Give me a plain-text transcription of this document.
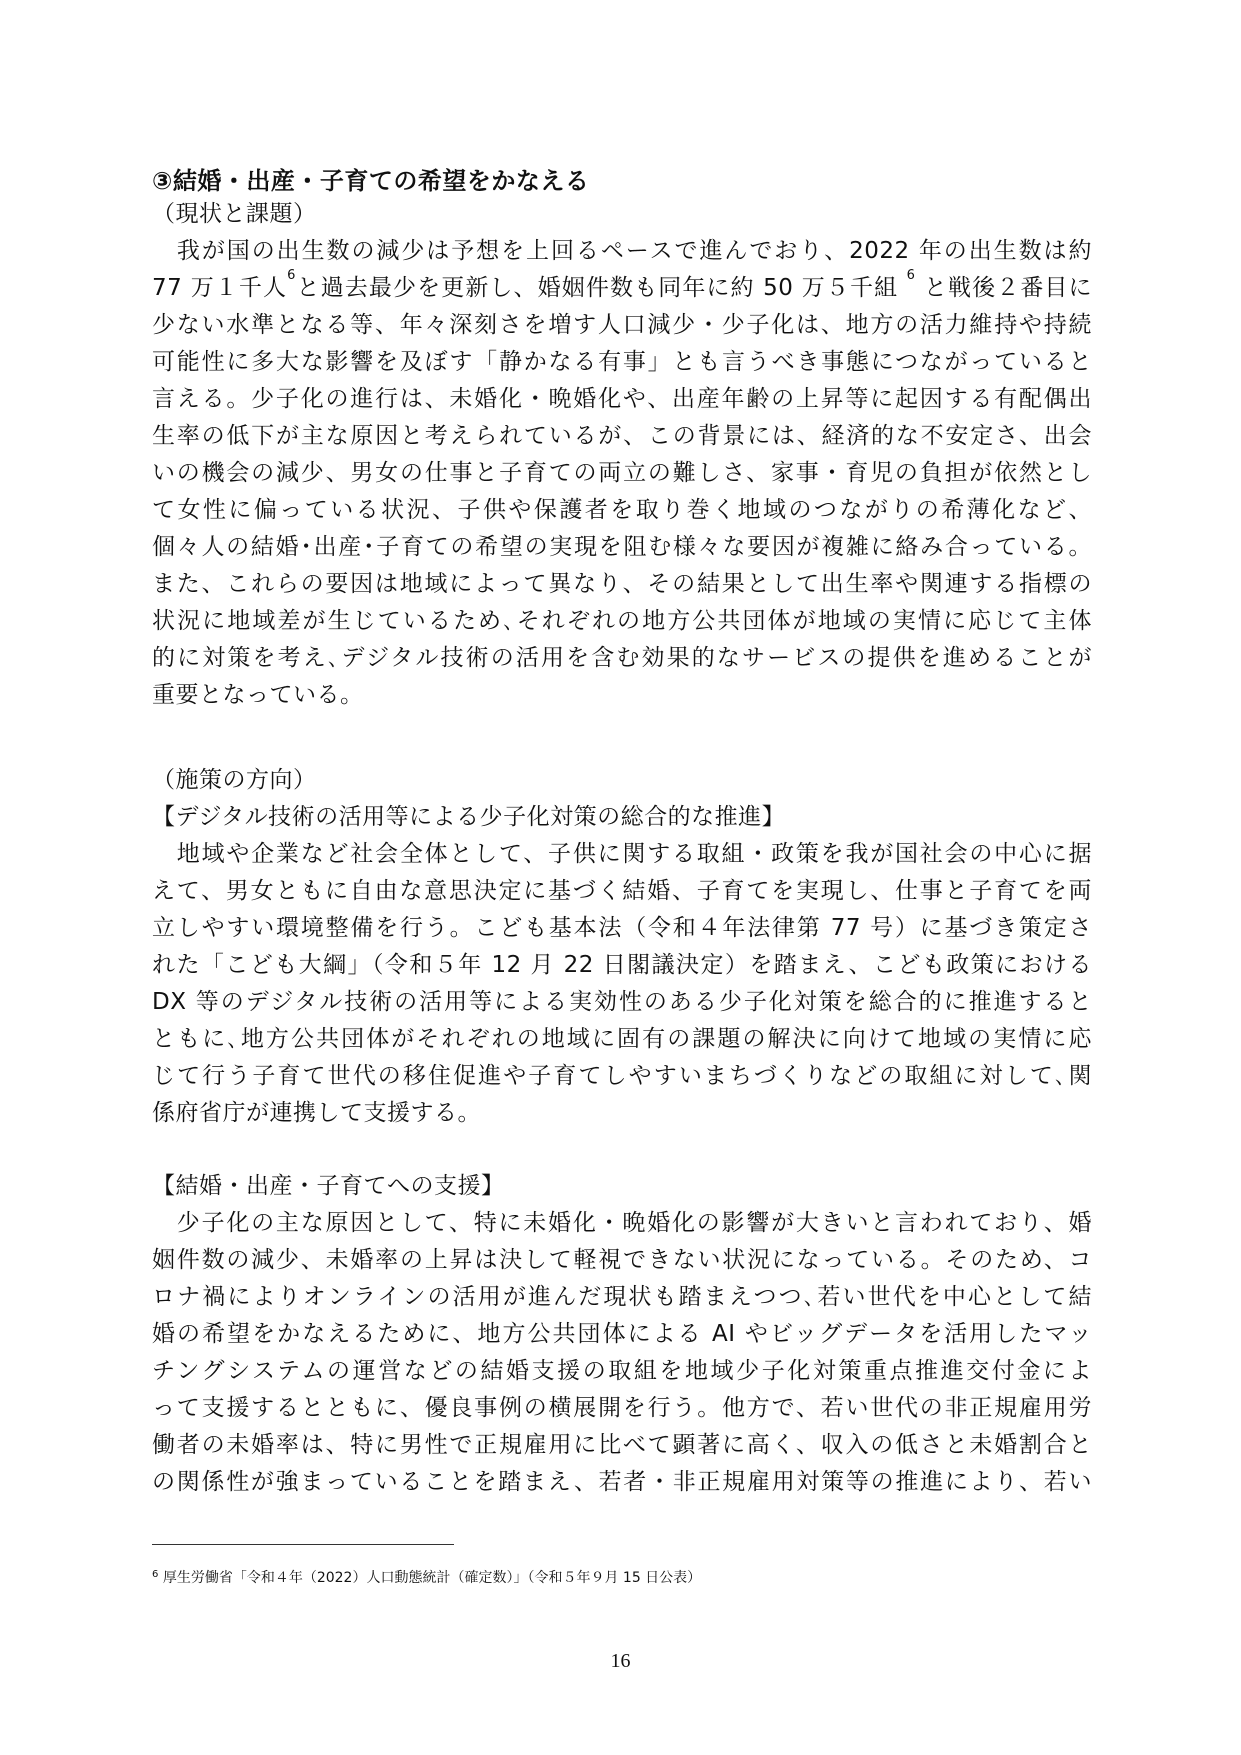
③結婚・出産・子育ての希望をかなえる
（現状と課題）
　我が国の出生数の減少は予想を上回るペースで進んでおり、2022 年の出生数は約
77 万１千人$^6$と過去最少を更新し、婚姻件数も同年に約 50 万５千組 $^6$ と戦後２番目に
少ない水準となる等、年々深刻さを増す人口減少・少子化は、地方の活力維持や持続
可能性に多大な影響を及ぼす「静かなる有事」とも言うべき事態につながっていると
言える。少子化の進行は、未婚化・晩婚化や、出産年齢の上昇等に起因する有配偶出
生率の低下が主な原因と考えられているが、この背景には、経済的な不安定さ、出会
いの機会の減少、男女の仕事と子育ての両立の難しさ、家事・育児の負担が依然とし
て女性に偏っている状況、子供や保護者を取り巻く地域のつながりの希薄化など、
個々人の結婚･出産･子育ての希望の実現を阻む様々な要因が複雑に絡み合っている。
また、これらの要因は地域によって異なり、その結果として出生率や関連する指標の
状況に地域差が生じているため､それぞれの地方公共団体が地域の実情に応じて主体
的に対策を考え､デジタル技術の活用を含む効果的なサービスの提供を進めることが
重要となっている。
（施策の方向）
【デジタル技術の活用等による少子化対策の総合的な推進】
　地域や企業など社会全体として、子供に関する取組・政策を我が国社会の中心に据
えて、男女ともに自由な意思決定に基づく結婚、子育てを実現し、仕事と子育てを両
立しやすい環境整備を行う。こども基本法（令和４年法律第 77 号）に基づき策定さ
れた「こども大綱」（令和５年 12 月 22 日閣議決定）を踏まえ、こども政策における
DX 等のデジタル技術の活用等による実効性のある少子化対策を総合的に推進すると
ともに､地方公共団体がそれぞれの地域に固有の課題の解決に向けて地域の実情に応
じて行う子育て世代の移住促進や子育てしやすいまちづくりなどの取組に対して､関
係府省庁が連携して支援する。
【結婚・出産・子育てへの支援】
　少子化の主な原因として、特に未婚化・晩婚化の影響が大きいと言われており、婚
姻件数の減少、未婚率の上昇は決して軽視できない状況になっている。そのため、コ
ロナ禍によりオンラインの活用が進んだ現状も踏まえつつ､若い世代を中心として結
婚の希望をかなえるために、地方公共団体による AI やビッグデータを活用したマッ
チングシステムの運営などの結婚支援の取組を地域少子化対策重点推進交付金によ
って支援するとともに、優良事例の横展開を行う。他方で、若い世代の非正規雇用労
働者の未婚率は、特に男性で正規雇用に比べて顕著に高く、収入の低さと未婚割合と
の関係性が強まっていることを踏まえ、若者・非正規雇用対策等の推進により、若い
$^6$ 厚生労働省「令和４年（2022）人口動態統計（確定数）」（令和５年９月 15 日公表）
16
